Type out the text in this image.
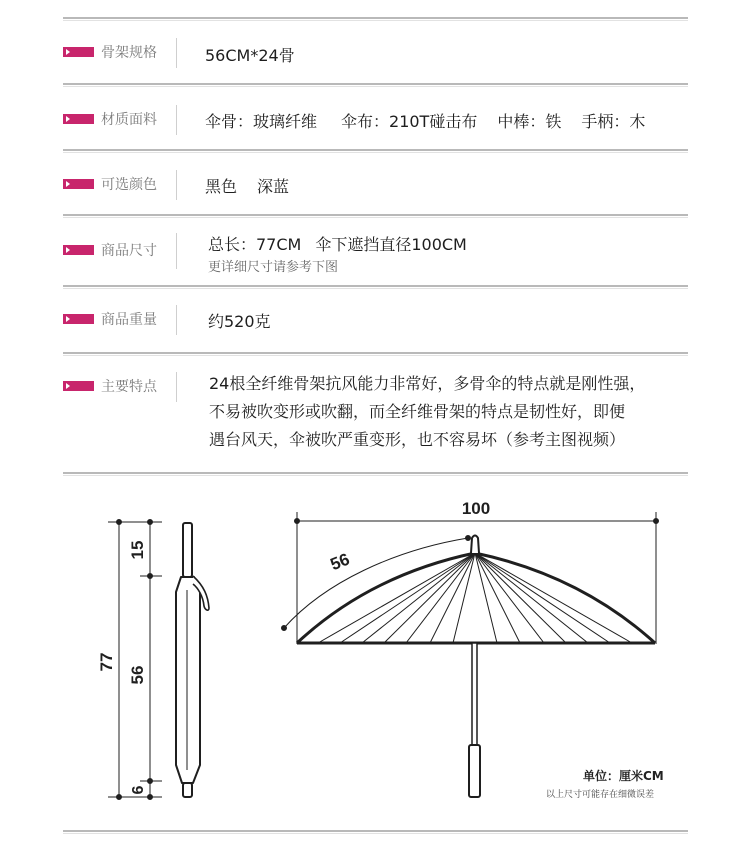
骨架规格	56CM*24骨
材质面料	伞骨：玻璃纤维 伞布：210T碰击布 中棒：铁 手柄：木
可选颜色	黑色 深蓝
商品尺寸	总长：77CM 伞下遮挡直径100CM
更详细尺寸请参考下图
商品重量	约520克
主要特点	24根全纤维骨架抗风能力非常好，多骨伞的特点就是刚性强，
不易被吹变形或吹翻，而全纤维骨架的特点是韧性好，即便
遇台风天，伞被吹严重变形，也不容易坏（参考主图视频）
15
56
6
77
100
56
单位：厘米CM
以上尺寸可能存在细微误差
